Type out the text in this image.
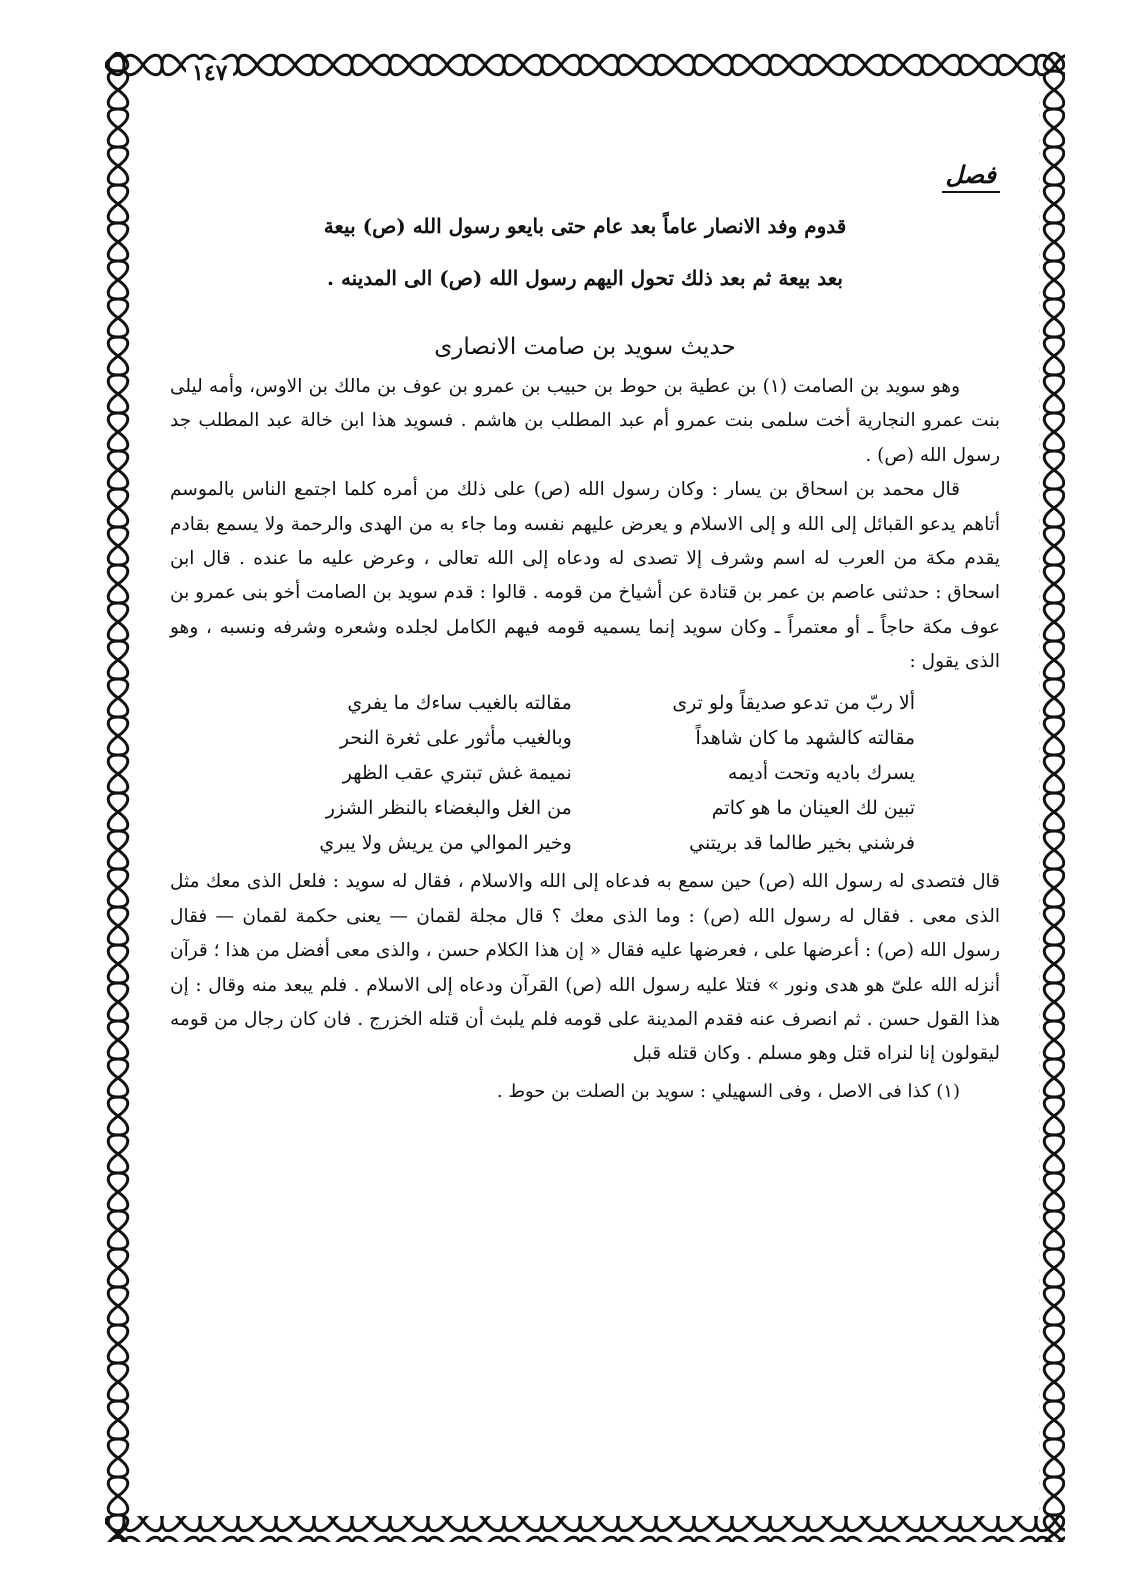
١٤٧
فصل
قدوم وفد الانصار عاماً بعد عام حتى بايعو رسول الله (ص) بيعة
بعد بيعة ثم بعد ذلك تحول اليهم رسول الله (ص) الى المدينه .
حديث سويد بن صامت الانصارى

وهو سويد بن الصامت (١) بن عطية بن حوط بن حبيب بن عمرو بن عوف بن مالك بن الاوس، وأمه ليلى بنت عمرو النجارية أخت سلمى بنت عمرو أم عبد المطلب بن هاشم . فسويد هذا ابن خالة عبد المطلب جد رسول الله (ص) .

قال محمد بن اسحاق بن يسار : وكان رسول الله (ص) على ذلك من أمره كلما اجتمع الناس بالموسم أتاهم يدعو القبائل إلى الله و إلى الاسلام و يعرض عليهم نفسه وما جاء به من الهدى والرحمة ولا يسمع بقادم يقدم مكة من العرب له اسم وشرف إلا تصدى له ودعاه إلى الله تعالى ، وعرض عليه ما عنده . قال ابن اسحاق : حدثنى عاصم بن عمر بن قتادة عن أشياخ من قومه . قالوا : قدم سويد بن الصامت أخو بنى عمرو بن عوف مكة حاجاً ـ أو معتمراً ـ وكان سويد إنما يسميه قومه فيهم الكامل لجلده وشعره وشرفه ونسبه ، وهو الذى يقول :

ألا ربّ من تدعو صديقاً ولو ترى
مقالته بالغيب ساءك ما يفري
مقالته كالشهد ما كان شاهداً
وبالغيب مأثور على ثغرة النحر
يسرك باديه وتحت أديمه
نميمة غش تبتري عقب الظهر
تبين لك العينان ما هو كاتم
من الغل والبغضاء بالنظر الشزر
فرشني بخير طالما قد بريتني
وخير الموالي من يريش ولا يبري

قال فتصدى له رسول الله (ص) حين سمع به فدعاه إلى الله والاسلام ، فقال له سويد : فلعل الذى معك مثل الذى معى . فقال له رسول الله (ص) : وما الذى معك ؟ قال مجلة لقمان — يعنى حكمة لقمان — فقال رسول الله (ص) : أعرضها على ، فعرضها عليه فقال « إن هذا الكلام حسن ، والذى معى أفضل من هذا ؛ قرآن أنزله الله علىّ هو هدى ونور » فتلا عليه رسول الله (ص) القرآن ودعاه إلى الاسلام . فلم يبعد منه وقال : إن هذا القول حسن . ثم انصرف عنه فقدم المدينة على قومه فلم يلبث أن قتله الخزرج . فان كان رجال من قومه ليقولون إنا لنراه قتل وهو مسلم . وكان قتله قبل

(١) كذا فى الاصل ، وفى السهيلي : سويد بن الصلت بن حوط .
